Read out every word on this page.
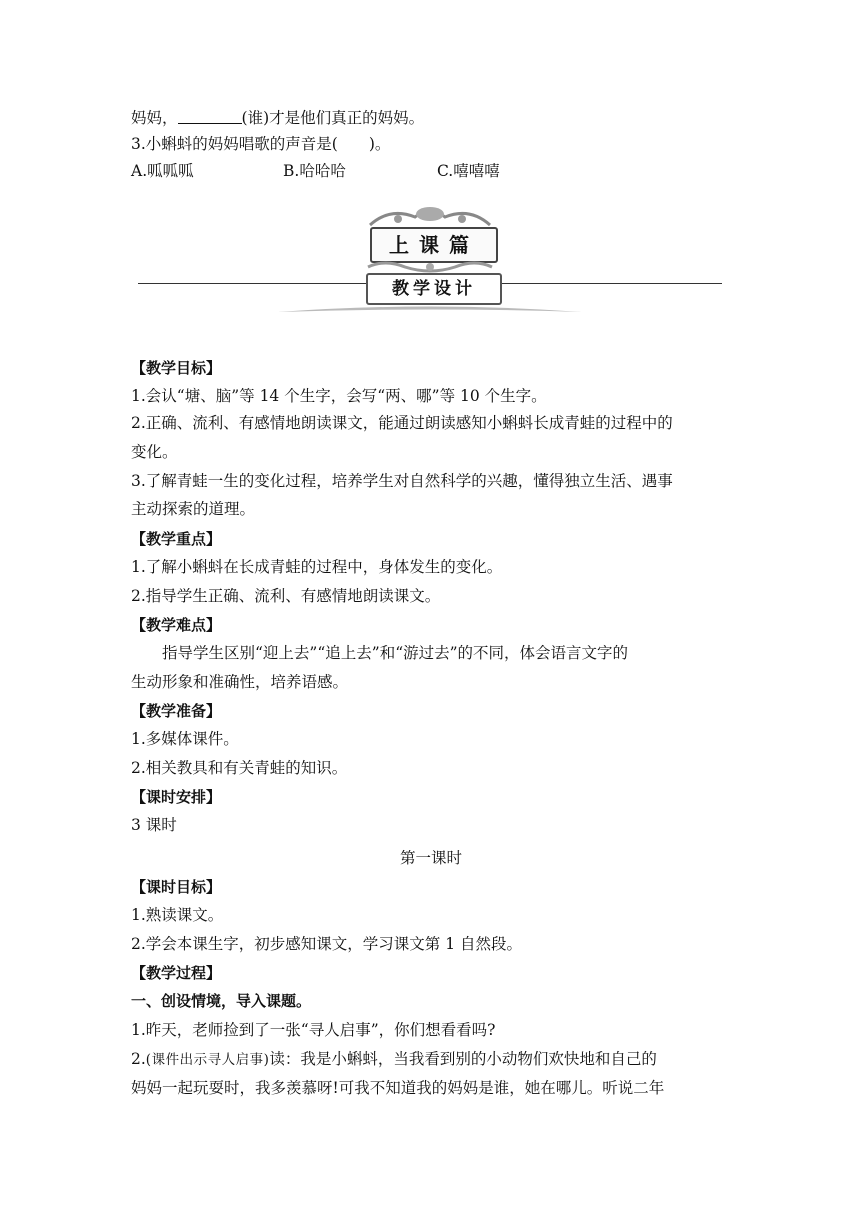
妈妈，	(谁)才是他们真正的妈妈。
3.小蝌蚪的妈妈唱歌的声音是(　　)。
A.呱呱呱	B.哈哈哈	C.嘻嘻嘻
上课篇
教学设计
【教学目标】
1.会认“塘、脑”等 14 个生字，会写“两、哪”等 10 个生字。
2.正确、流利、有感情地朗读课文，能通过朗读感知小蝌蚪长成青蛙的过程中的
变化。
3.了解青蛙一生的变化过程，培养学生对自然科学的兴趣，懂得独立生活、遇事
主动探索的道理。
【教学重点】
1.了解小蝌蚪在长成青蛙的过程中，身体发生的变化。
2.指导学生正确、流利、有感情地朗读课文。
【教学难点】
指导学生区别“迎上去”“追上去”和“游过去”的不同，体会语言文字的
生动形象和准确性，培养语感。
【教学准备】
1.多媒体课件。
2.相关教具和有关青蛙的知识。
【课时安排】
3 课时
第一课时
【课时目标】
1.熟读课文。
2.学会本课生字，初步感知课文，学习课文第 1 自然段。
【教学过程】
一、创设情境，导入课题。
1.昨天，老师捡到了一张“寻人启事”，你们想看看吗?
2.(课件出示寻人启事)读：我是小蝌蚪，当我看到别的小动物们欢快地和自己的
妈妈一起玩耍时，我多羡慕呀!可我不知道我的妈妈是谁，她在哪儿。听说二年
